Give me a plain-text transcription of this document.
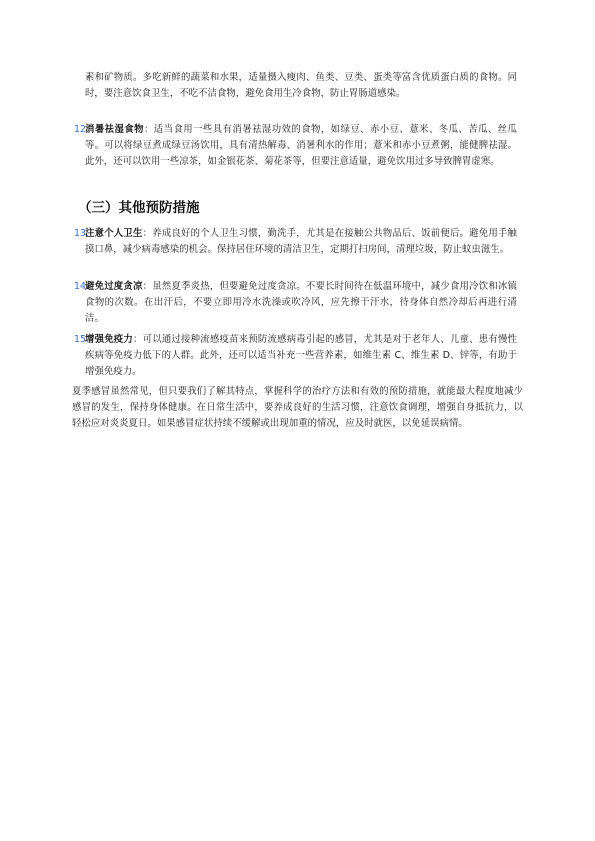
素和矿物质。多吃新鲜的蔬菜和水果，适量摄入瘦肉、鱼类、豆类、蛋类等富含优质蛋白质的食物。同时，要注意饮食卫生，不吃不洁食物，避免食用生冷食物，防止胃肠道感染。

12.

消暑祛湿食物：适当食用一些具有消暑祛湿功效的食物，如绿豆、赤小豆、薏米、冬瓜、苦瓜、丝瓜等。可以将绿豆煮成绿豆汤饮用，具有清热解毒、消暑利水的作用；薏米和赤小豆煮粥，能健脾祛湿。此外，还可以饮用一些凉茶，如金银花茶、菊花茶等，但要注意适量，避免饮用过多导致脾胃虚寒。

（三）其他预防措施
13.

注意个人卫生：养成良好的个人卫生习惯，勤洗手，尤其是在接触公共物品后、饭前便后。避免用手触摸口鼻，减少病毒感染的机会。保持居住环境的清洁卫生，定期打扫房间，清理垃圾，防止蚊虫滋生。

14.

避免过度贪凉：虽然夏季炎热，但要避免过度贪凉。不要长时间待在低温环境中，减少食用冷饮和冰镇食物的次数。在出汗后，不要立即用冷水洗澡或吹冷风，应先擦干汗水，待身体自然冷却后再进行清洁。

15.

增强免疫力：可以通过接种流感疫苗来预防流感病毒引起的感冒，尤其是对于老年人、儿童、患有慢性疾病等免疫力低下的人群。此外，还可以适当补充一些营养素，如维生素 C、维生素 D、锌等，有助于增强免疫力。

夏季感冒虽然常见，但只要我们了解其特点，掌握科学的治疗方法和有效的预防措施，就能最大程度地减少感冒的发生，保持身体健康。在日常生活中，要养成良好的生活习惯，注意饮食调理，增强自身抵抗力，以轻松应对炎炎夏日。如果感冒症状持续不缓解或出现加重的情况，应及时就医，以免延误病情。
